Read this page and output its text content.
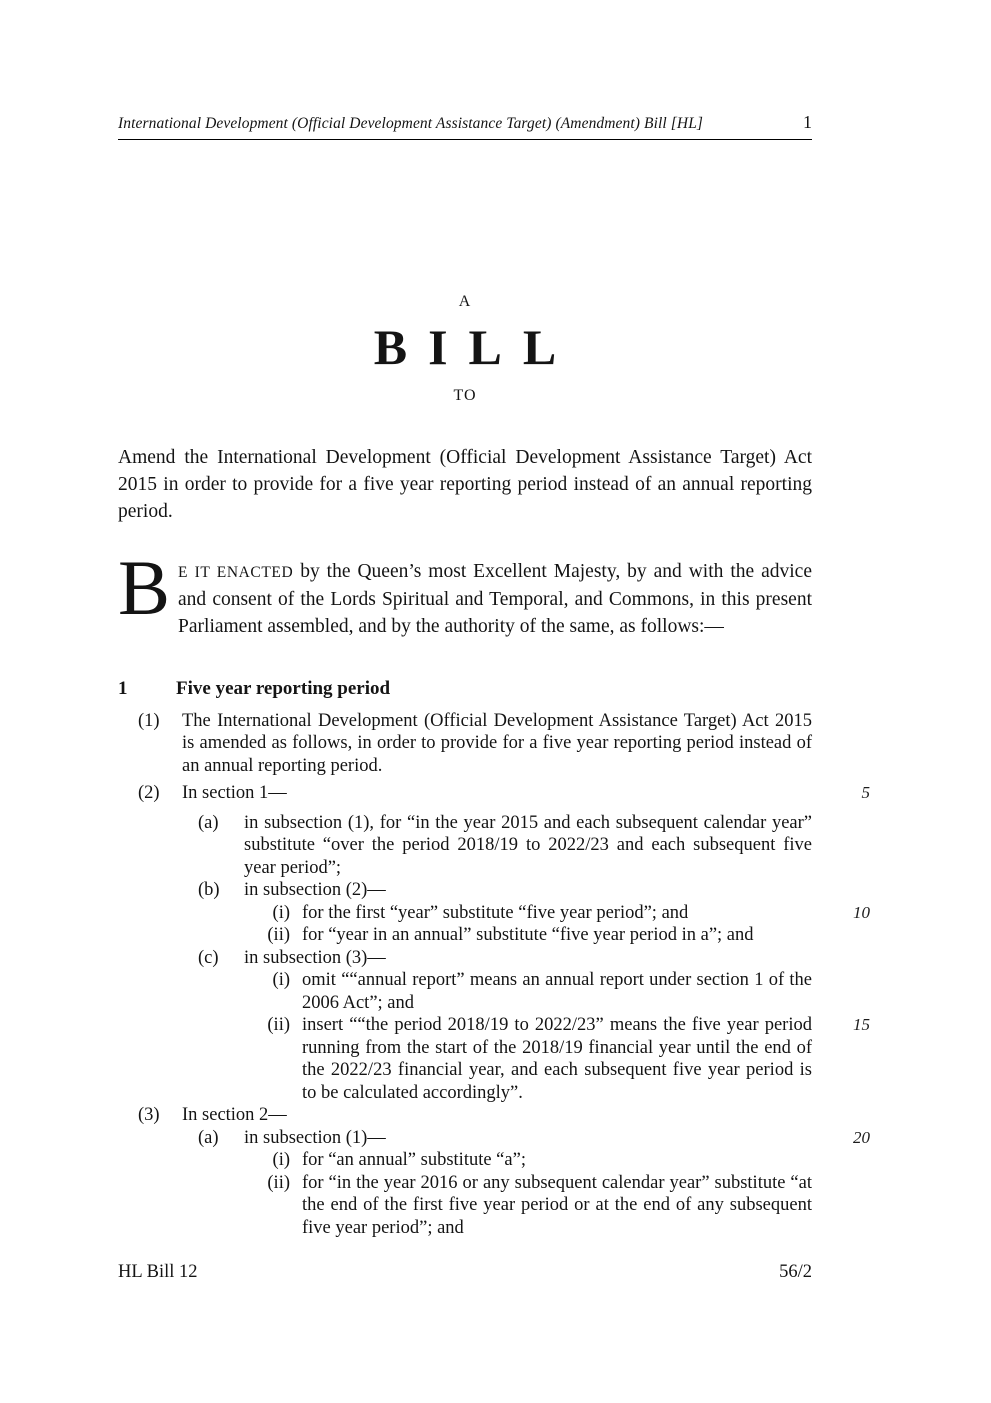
International Development (Official Development Assistance Target) (Amendment) Bill [HL]	1
A
BILL
TO
Amend the International Development (Official Development Assistance Target) Act 2015 in order to provide for a five year reporting period instead of an annual reporting period.
B E IT ENACTED by the Queen’s most Excellent Majesty, by and with the advice and consent of the Lords Spiritual and Temporal, and Commons, in this present Parliament assembled, and by the authority of the same, as follows:—
1	Five year reporting period
(1)	The International Development (Official Development Assistance Target) Act 2015 is amended as follows, in order to provide for a five year reporting period instead of an annual reporting period.
(2)	In section 1—	5
(a)	in subsection (1), for “in the year 2015 and each subsequent calendar year” substitute “over the period 2018/19 to 2022/23 and each subsequent five year period”;
(b)	in subsection (2)—
(i) for the first “year” substitute “five year period”; and	10
(ii) for “year in an annual” substitute “five year period in a”; and
(c)	in subsection (3)—
(i) omit ““annual report” means an annual report under section 1 of the 2006 Act”; and
(ii) insert ““the period 2018/19 to 2022/23” means the five year period running from the start of the 2018/19 financial year until the end of the 2022/23 financial year, and each subsequent five year period is to be calculated accordingly”.
15
(3)	In section 2—
(a)	in subsection (1)—	20
(i) for “an annual” substitute “a”;
(ii) for “in the year 2016 or any subsequent calendar year” substitute “at the end of the first five year period or at the end of any subsequent five year period”; and
HL Bill 12	56/2
